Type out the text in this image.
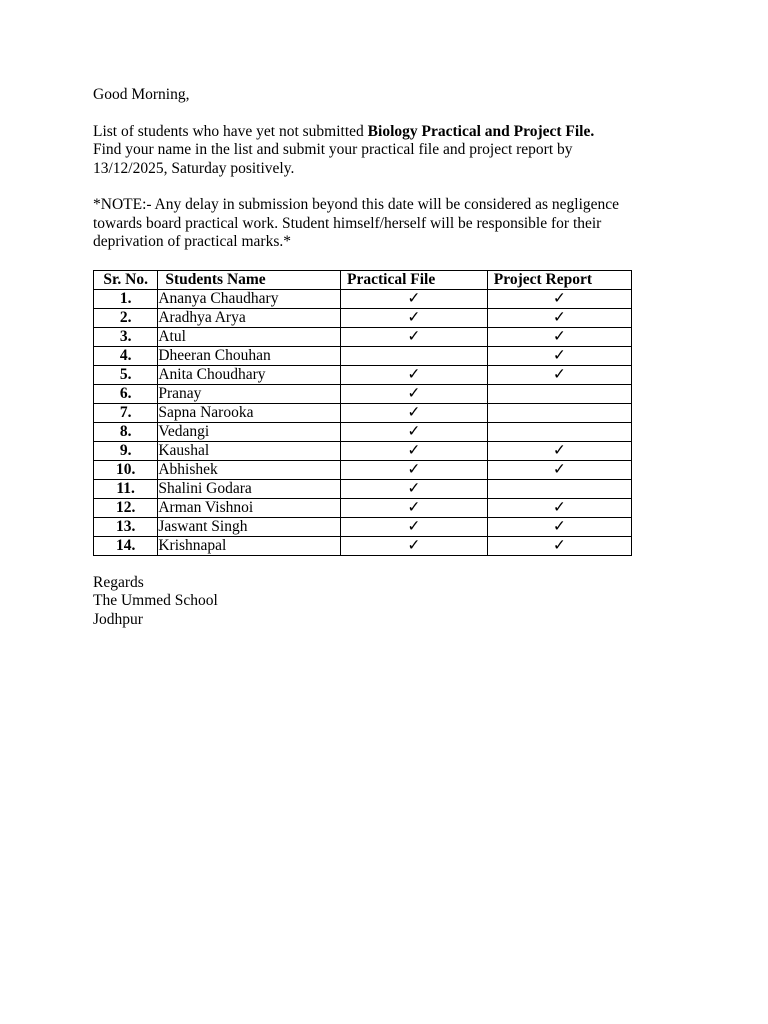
Good Morning,

List of students who have yet not submitted Biology Practical and Project File.

Find your name in the list and submit your practical file and project report by

13/12/2025, Saturday positively.

*NOTE:- Any delay in submission beyond this date will be considered as negligence

towards board practical work. Student himself/herself will be responsible for their

deprivation of practical marks.*

Sr. No.	Students Name	Practical File	Project Report
1.	Ananya Chaudhary	✓	✓
2.	Aradhya Arya	✓	✓
3.	Atul	✓	✓
4.	Dheeran Chouhan		✓
5.	Anita Choudhary	✓	✓
6.	Pranay	✓	
7.	Sapna Narooka	✓	
8.	Vedangi	✓	
9.	Kaushal	✓	✓
10.	Abhishek	✓	✓
11.	Shalini Godara	✓	
12.	Arman Vishnoi	✓	✓
13.	Jaswant Singh	✓	✓
14.	Krishnapal	✓	✓

Regards

The Ummed School

Jodhpur
